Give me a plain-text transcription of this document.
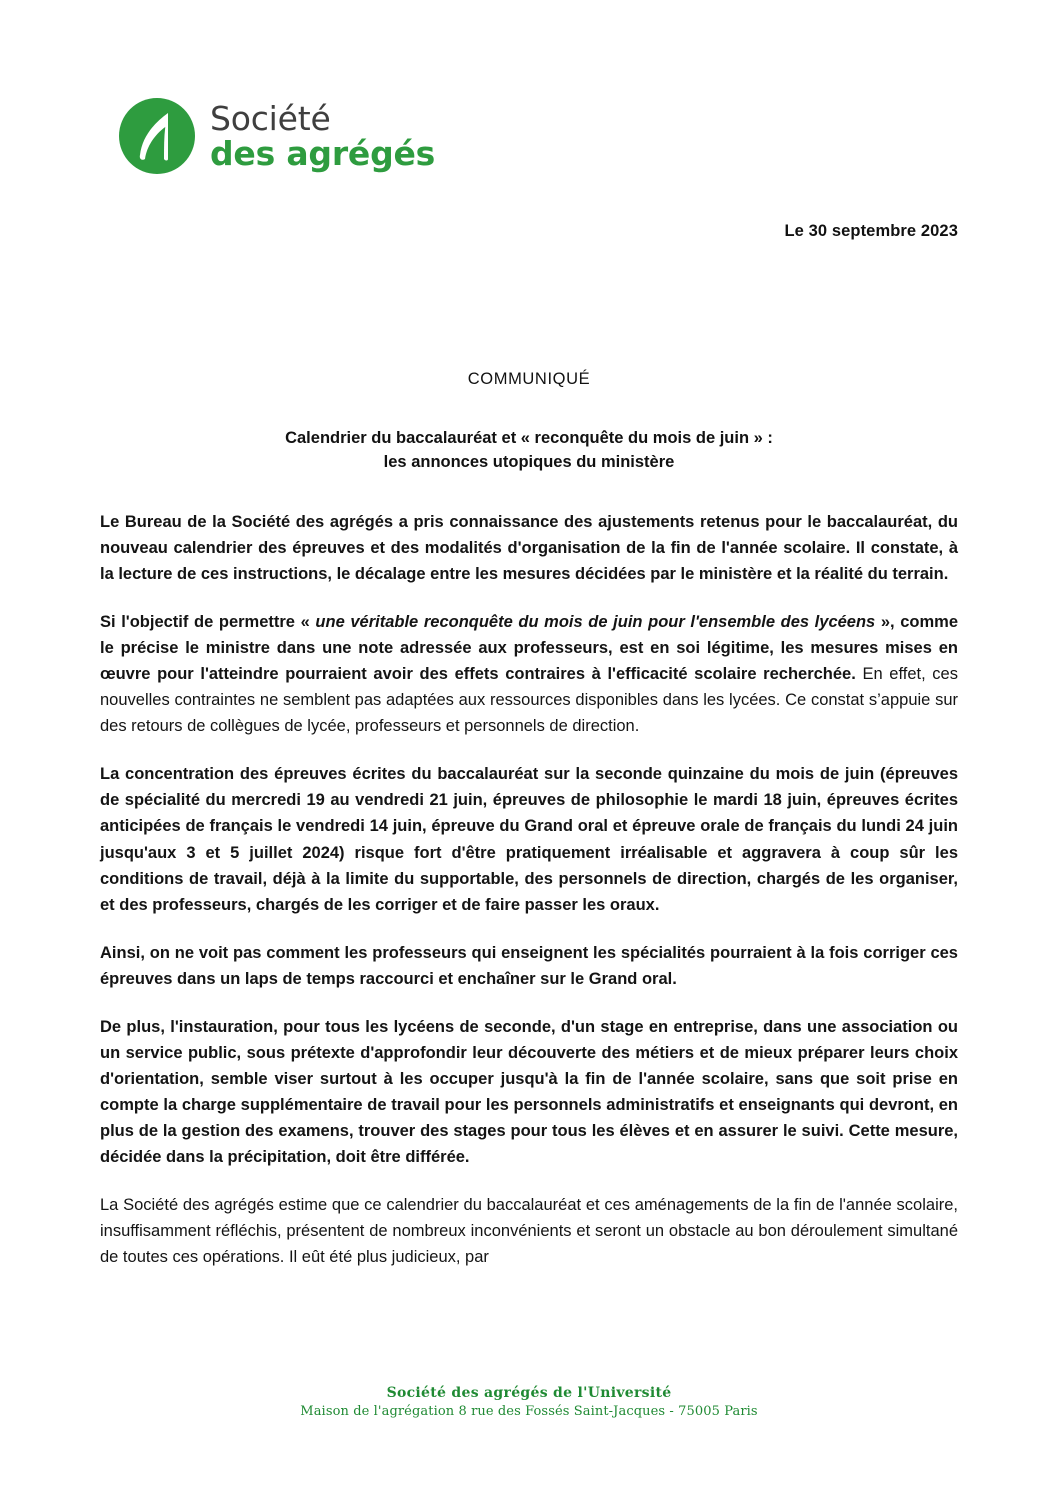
Société
des agrégés
Le 30 septembre 2023
COMMUNIQUÉ
Calendrier du baccalauréat et « reconquête du mois de juin » :
les annonces utopiques du ministère

Le Bureau de la Société des agrégés a pris connaissance des ajustements retenus pour le baccalauréat, du nouveau calendrier des épreuves et des modalités d'organisation de la fin de l'année scolaire. Il constate, à la lecture de ces instructions, le décalage entre les mesures décidées par le ministère et la réalité du terrain.

Si l'objectif de permettre « une véritable reconquête du mois de juin pour l'ensemble des lycéens », comme le précise le ministre dans une note adressée aux professeurs, est en soi légitime, les mesures mises en œuvre pour l'atteindre pourraient avoir des effets contraires à l'efficacité scolaire recherchée. En effet, ces nouvelles contraintes ne semblent pas adaptées aux ressources disponibles dans les lycées. Ce constat s’appuie sur des retours de collègues de lycée, professeurs et personnels de direction.

La concentration des épreuves écrites du baccalauréat sur la seconde quinzaine du mois de juin (épreuves de spécialité du mercredi 19 au vendredi 21 juin, épreuves de philosophie le mardi 18 juin, épreuves écrites anticipées de français le vendredi 14 juin, épreuve du Grand oral et épreuve orale de français du lundi 24 juin jusqu'aux 3 et 5 juillet 2024) risque fort d'être pratiquement irréalisable et aggravera à coup sûr les conditions de travail, déjà à la limite du supportable, des personnels de direction, chargés de les organiser, et des professeurs, chargés de les corriger et de faire passer les oraux.

Ainsi, on ne voit pas comment les professeurs qui enseignent les spécialités pourraient à la fois corriger ces épreuves dans un laps de temps raccourci et enchaîner sur le Grand oral.

De plus, l'instauration, pour tous les lycéens de seconde, d'un stage en entreprise, dans une association ou un service public, sous prétexte d'approfondir leur découverte des métiers et de mieux préparer leurs choix d'orientation, semble viser surtout à les occuper jusqu'à la fin de l'année scolaire, sans que soit prise en compte la charge supplémentaire de travail pour les personnels administratifs et enseignants qui devront, en plus de la gestion des examens, trouver des stages pour tous les élèves et en assurer le suivi. Cette mesure, décidée dans la précipitation, doit être différée.

La Société des agrégés estime que ce calendrier du baccalauréat et ces aménagements de la fin de l'année scolaire, insuffisamment réfléchis, présentent de nombreux inconvénients et seront un obstacle au bon déroulement simultané de toutes ces opérations. Il eût été plus judicieux, par

Société des agrégés de l'Université
Maison de l'agrégation 8 rue des Fossés Saint-Jacques - 75005 Paris
